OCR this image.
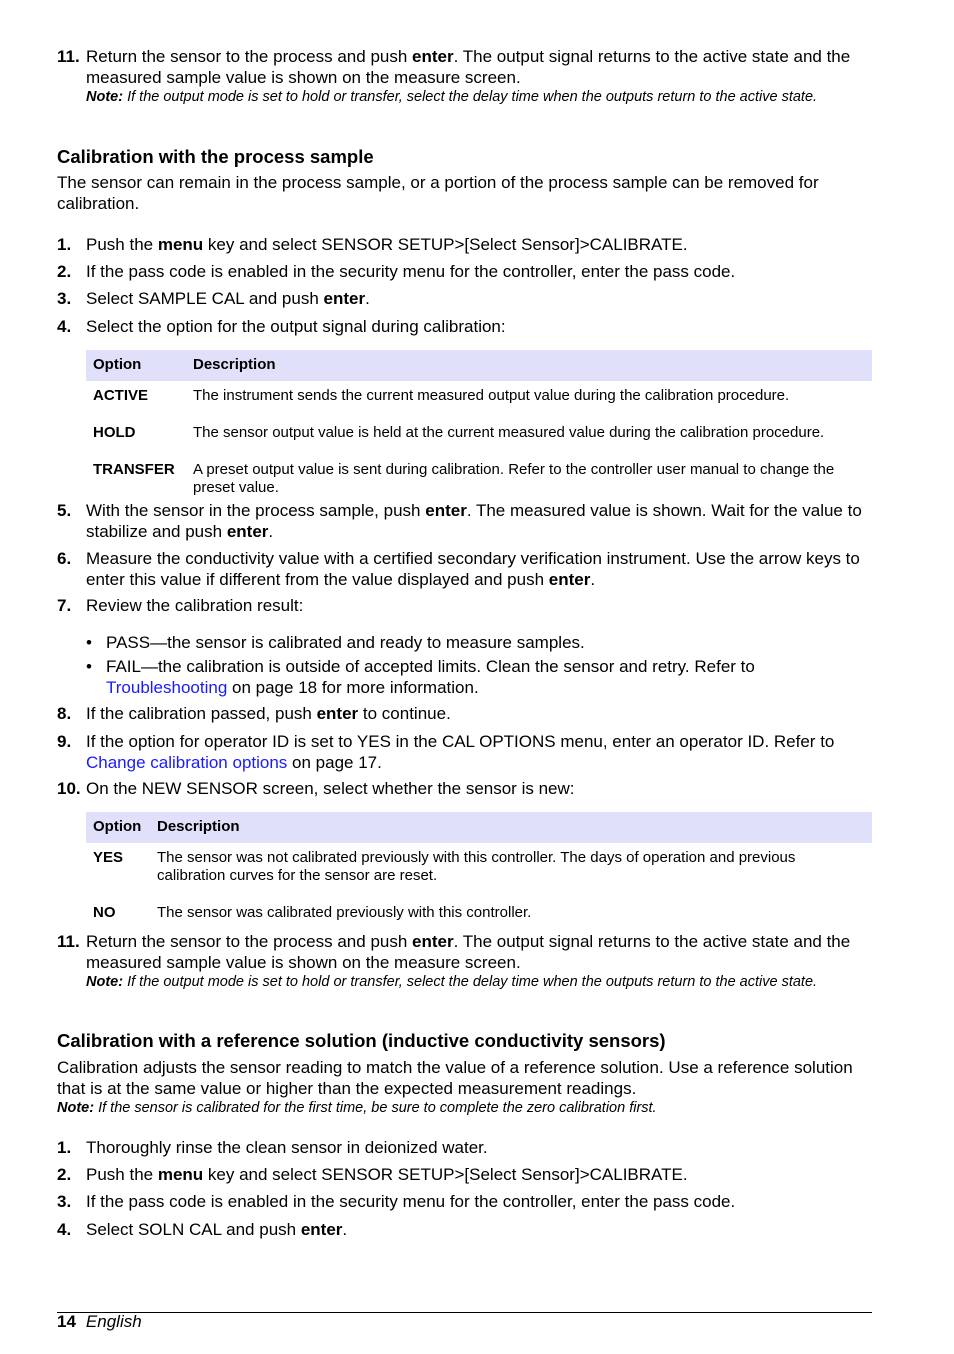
11. Return the sensor to the process and push enter. The output signal returns to the active state and the measured sample value is shown on the measure screen.
Note: If the output mode is set to hold or transfer, select the delay time when the outputs return to the active state.
Calibration with the process sample
The sensor can remain in the process sample, or a portion of the process sample can be removed for calibration.
1. Push the menu key and select SENSOR SETUP>[Select Sensor]>CALIBRATE.
2. If the pass code is enabled in the security menu for the controller, enter the pass code.
3. Select SAMPLE CAL and push enter.
4. Select the option for the output signal during calibration:
Option	Description
ACTIVE	The instrument sends the current measured output value during the calibration procedure.
HOLD	The sensor output value is held at the current measured value during the calibration procedure.
TRANSFER	A preset output value is sent during calibration. Refer to the controller user manual to change the preset value.
5. With the sensor in the process sample, push enter. The measured value is shown. Wait for the value to stabilize and push enter.
6. Measure the conductivity value with a certified secondary verification instrument. Use the arrow keys to enter this value if different from the value displayed and push enter.
7. Review the calibration result:
• PASS—the sensor is calibrated and ready to measure samples.
• FAIL—the calibration is outside of accepted limits. Clean the sensor and retry. Refer to Troubleshooting on page 18 for more information.
8. If the calibration passed, push enter to continue.
9. If the option for operator ID is set to YES in the CAL OPTIONS menu, enter an operator ID. Refer to Change calibration options on page 17.
10. On the NEW SENSOR screen, select whether the sensor is new:
Option	Description
YES	The sensor was not calibrated previously with this controller. The days of operation and previous calibration curves for the sensor are reset.
NO	The sensor was calibrated previously with this controller.
11. Return the sensor to the process and push enter. The output signal returns to the active state and the measured sample value is shown on the measure screen.
Note: If the output mode is set to hold or transfer, select the delay time when the outputs return to the active state.
Calibration with a reference solution (inductive conductivity sensors)
Calibration adjusts the sensor reading to match the value of a reference solution. Use a reference solution that is at the same value or higher than the expected measurement readings.
Note: If the sensor is calibrated for the first time, be sure to complete the zero calibration first.
1. Thoroughly rinse the clean sensor in deionized water.
2. Push the menu key and select SENSOR SETUP>[Select Sensor]>CALIBRATE.
3. If the pass code is enabled in the security menu for the controller, enter the pass code.
4. Select SOLN CAL and push enter.
14 English
